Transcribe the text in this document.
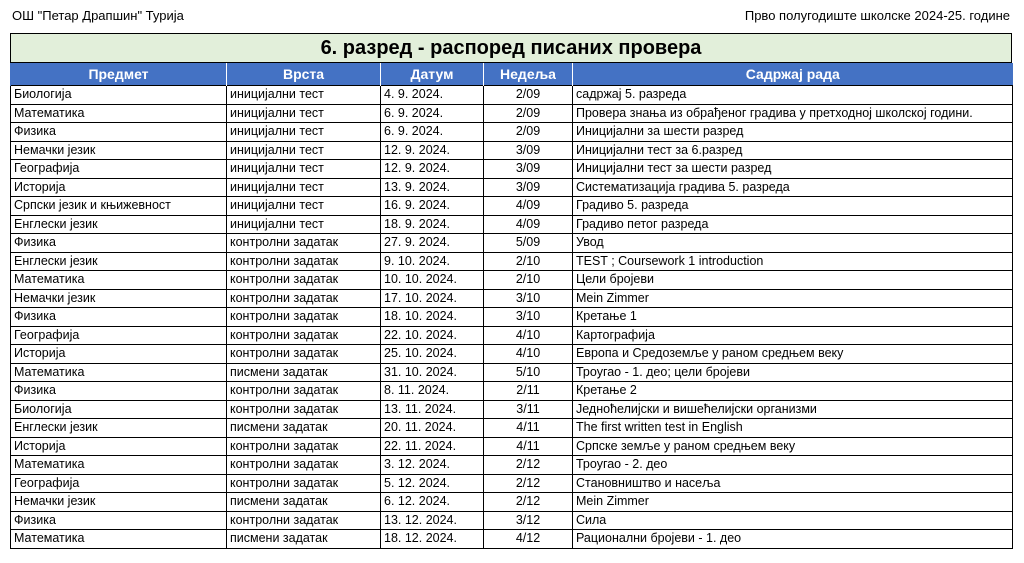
ОШ "Петар Драпшин" Турија	Прво полугодиште школске 2024-25. године
6. разред - распоред писаних провера
Предмет	Врста	Датум	Недеља	Садржај рада
Биологија	иницијални тест	4. 9. 2024.	2/09	садржај 5. разреда
Математика	иницијални тест	6. 9. 2024.	2/09	Провера знања из обрађеног градива у претходној школској години.
Физика	иницијални тест	6. 9. 2024.	2/09	Иницијални за шести разред
Немачки језик	иницијални тест	12. 9. 2024.	3/09	Иницијални тест за 6.разред
Географија	иницијални тест	12. 9. 2024.	3/09	Иницијални тест за шести разред
Историја	иницијални тест	13. 9. 2024.	3/09	Систематизација градива 5. разреда
Српски језик и књижевност	иницијални тест	16. 9. 2024.	4/09	Градиво 5. разреда
Енглески језик	иницијални тест	18. 9. 2024.	4/09	Градиво петог разреда
Физика	контролни задатак	27. 9. 2024.	5/09	Увод
Енглески језик	контролни задатак	9. 10. 2024.	2/10	TEST ; Coursework 1 introduction
Математика	контролни задатак	10. 10. 2024.	2/10	Цели бројеви
Немачки језик	контролни задатак	17. 10. 2024.	3/10	Mein Zimmer
Физика	контролни задатак	18. 10. 2024.	3/10	Кретање 1
Географија	контролни задатак	22. 10. 2024.	4/10	Картографија
Историја	контролни задатак	25. 10. 2024.	4/10	Европа и Средоземље у раном средњем веку
Математика	писмени задатак	31. 10. 2024.	5/10	Троугао - 1. део; цели бројеви
Физика	контролни задатак	8. 11. 2024.	2/11	Кретање 2
Биологија	контролни задатак	13. 11. 2024.	3/11	Једноћелијски и вишећелијски организми
Енглески језик	писмени задатак	20. 11. 2024.	4/11	The first written test in English
Историја	контролни задатак	22. 11. 2024.	4/11	Српске земље у раном средњем веку
Математика	контролни задатак	3. 12. 2024.	2/12	Троугао - 2. део
Географија	контролни задатак	5. 12. 2024.	2/12	Становништво и насеља
Немачки језик	писмени задатак	6. 12. 2024.	2/12	Mein Zimmer
Физика	контролни задатак	13. 12. 2024.	3/12	Сила
Математика	писмени задатак	18. 12. 2024.	4/12	Рационални бројеви - 1. део
